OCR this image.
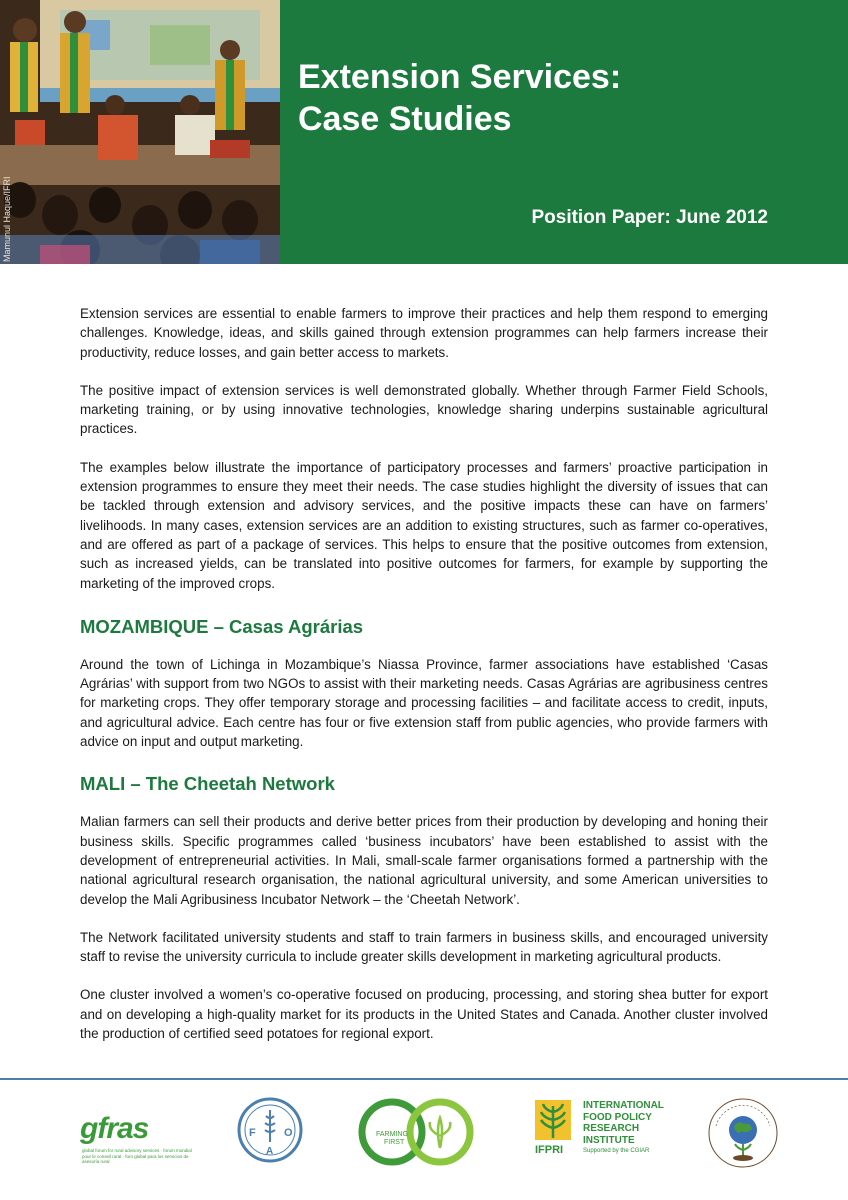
Mamunul Haque/IFRI
Extension Services:
Case Studies
Position Paper: June 2012

Extension services are essential to enable farmers to improve their practices and help them respond to emerging challenges. Knowledge, ideas, and skills gained through extension programmes can help farmers increase their productivity, reduce losses, and gain better access to markets.

The positive impact of extension services is well demonstrated globally. Whether through Farmer Field Schools, marketing training, or by using innovative technologies, knowledge sharing underpins sustainable agricultural practices.

The examples below illustrate the importance of participatory processes and farmers’ proactive participation in extension programmes to ensure they meet their needs. The case studies highlight the diversity of issues that can be tackled through extension and advisory services, and the positive impacts these can have on farmers’ livelihoods. In many cases, extension services are an addition to existing structures, such as farmer co-operatives, and are offered as part of a package of services. This helps to ensure that the positive outcomes from extension, such as increased yields, can be translated into positive outcomes for farmers, for example by supporting the marketing of the improved crops.

MOZAMBIQUE – Casas Agrárias

Around the town of Lichinga in Mozambique’s Niassa Province, farmer associations have established ‘Casas Agrárias’ with support from two NGOs to assist with their marketing needs. Casas Agrárias are agribusiness centres for marketing crops. They offer temporary storage and processing facilities – and facilitate access to credit, inputs, and agricultural advice. Each centre has four or five extension staff from public agencies, who provide farmers with advice on input and output marketing.

MALI – The Cheetah Network

Malian farmers can sell their products and derive better prices from their production by developing and honing their business skills. Specific programmes called ‘business incubators’ have been established to assist with the development of entrepreneurial activities. In Mali, small-scale farmer organisations formed a partnership with the national agricultural research organisation, the national agricultural university, and some American universities to develop the Mali Agribusiness Incubator Network – the ‘Cheetah Network’.

The Network facilitated university students and staff to train farmers in business skills, and encouraged university staff to revise the university curricula to include greater skills development in marketing agricultural products.

One cluster involved a women’s co-operative focused on producing, processing, and storing shea butter for export and on developing a high-quality market for its products in the United States and Canada. Another cluster involved the production of certified seed potatoes for regional export.

gfras
global forum for rural advisory services · forum mondial pour le conseil rural · foro global para los servicios de asesoría rural
F	O
A
FARMING
FIRST
INTERNATIONAL
FOOD POLICY
RESEARCH
INSTITUTE
IFPRI	Supported by the CGIAR
